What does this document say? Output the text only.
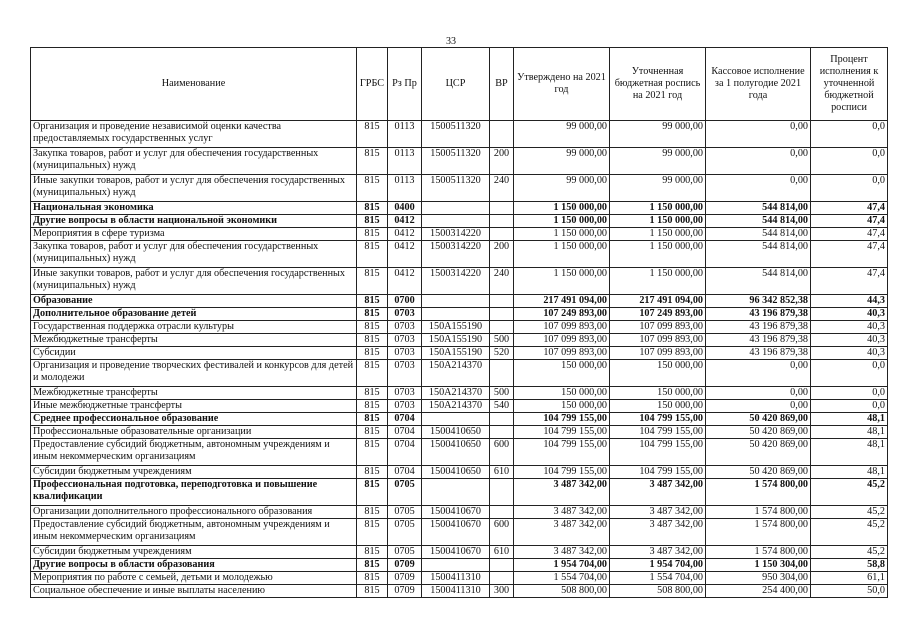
33
Наименование	ГРБС	Рз Пр	ЦСР	ВР	Утверждено на 2021 год	Уточненная бюджетная роспись на 2021 год	Кассовое исполнение за 1 полугодие 2021 года	Процент исполнения к уточненной бюджетной росписи
Организация и проведение независимой оценки качества предоставляемых государственных услуг	815	0113	1500511320		99 000,00	99 000,00	0,00	0,0
Закупка товаров, работ и услуг для обеспечения государственных (муниципальных) нужд	815	0113	1500511320	200	99 000,00	99 000,00	0,00	0,0
Иные закупки товаров, работ и услуг для обеспечения государственных (муниципальных) нужд	815	0113	1500511320	240	99 000,00	99 000,00	0,00	0,0
Национальная экономика	815	0400			1 150 000,00	1 150 000,00	544 814,00	47,4
Другие вопросы в области национальной экономики	815	0412			1 150 000,00	1 150 000,00	544 814,00	47,4
Мероприятия в сфере туризма	815	0412	1500314220		1 150 000,00	1 150 000,00	544 814,00	47,4
Закупка товаров, работ и услуг для обеспечения государственных (муниципальных) нужд	815	0412	1500314220	200	1 150 000,00	1 150 000,00	544 814,00	47,4
Иные закупки товаров, работ и услуг для обеспечения государственных (муниципальных) нужд	815	0412	1500314220	240	1 150 000,00	1 150 000,00	544 814,00	47,4
Образование	815	0700			217 491 094,00	217 491 094,00	96 342 852,38	44,3
Дополнительное образование детей	815	0703			107 249 893,00	107 249 893,00	43 196 879,38	40,3
Государственная поддержка отрасли культуры	815	0703	150A155190		107 099 893,00	107 099 893,00	43 196 879,38	40,3
Межбюджетные трансферты	815	0703	150A155190	500	107 099 893,00	107 099 893,00	43 196 879,38	40,3
Субсидии	815	0703	150A155190	520	107 099 893,00	107 099 893,00	43 196 879,38	40,3
Организация и проведение творческих фестивалей и конкурсов для детей и молодежи	815	0703	150A214370		150 000,00	150 000,00	0,00	0,0
Межбюджетные трансферты	815	0703	150A214370	500	150 000,00	150 000,00	0,00	0,0
Иные межбюджетные трансферты	815	0703	150A214370	540	150 000,00	150 000,00	0,00	0,0
Среднее профессиональное образование	815	0704			104 799 155,00	104 799 155,00	50 420 869,00	48,1
Профессиональные образовательные организации	815	0704	1500410650		104 799 155,00	104 799 155,00	50 420 869,00	48,1
Предоставление субсидий бюджетным, автономным учреждениям и иным некоммерческим организациям	815	0704	1500410650	600	104 799 155,00	104 799 155,00	50 420 869,00	48,1
Субсидии бюджетным учреждениям	815	0704	1500410650	610	104 799 155,00	104 799 155,00	50 420 869,00	48,1
Профессиональная подготовка, переподготовка и повышение квалификации	815	0705			3 487 342,00	3 487 342,00	1 574 800,00	45,2
Организации дополнительного профессионального образования	815	0705	1500410670		3 487 342,00	3 487 342,00	1 574 800,00	45,2
Предоставление субсидий бюджетным, автономным учреждениям и иным некоммерческим организациям	815	0705	1500410670	600	3 487 342,00	3 487 342,00	1 574 800,00	45,2
Субсидии бюджетным учреждениям	815	0705	1500410670	610	3 487 342,00	3 487 342,00	1 574 800,00	45,2
Другие вопросы в области образования	815	0709			1 954 704,00	1 954 704,00	1 150 304,00	58,8
Мероприятия по работе с семьей, детьми и молодежью	815	0709	1500411310		1 554 704,00	1 554 704,00	950 304,00	61,1
Социальное обеспечение и иные выплаты населению	815	0709	1500411310	300	508 800,00	508 800,00	254 400,00	50,0
